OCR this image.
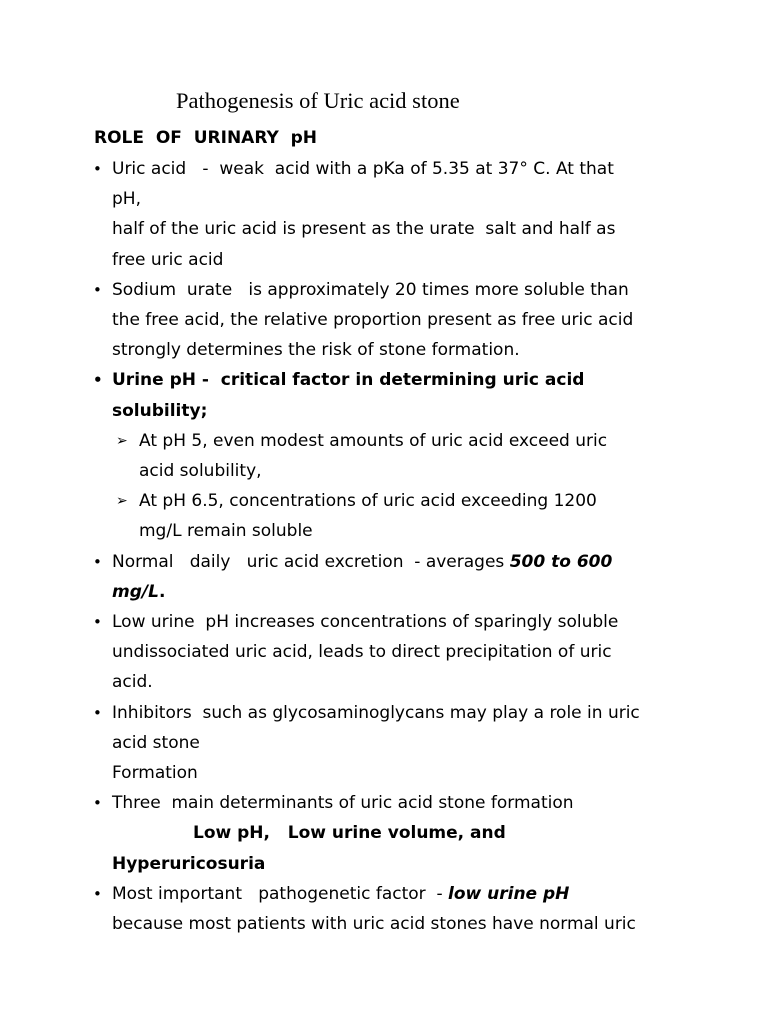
Pathogenesis of Uric acid stone
ROLE  OF  URINARY  pH
• Uric acid   -  weak  acid with a pKa of 5.35 at 37° C. At that
pH,
half of the uric acid is present as the urate  salt and half as
free uric acid
• Sodium  urate   is approximately 20 times more soluble than
the free acid, the relative proportion present as free uric acid
strongly determines the risk of stone formation.
• Urine pH -  critical factor in determining uric acid
solubility;
➢ At pH 5, even modest amounts of uric acid exceed uric
acid solubility,
➢ At pH 6.5, concentrations of uric acid exceeding 1200
mg/L remain soluble
• Normal   daily   uric acid excretion  - averages 500 to 600
mg/L.
• Low urine  pH increases concentrations of sparingly soluble
undissociated uric acid, leads to direct precipitation of uric
acid.
• Inhibitors  such as glycosaminoglycans may play a role in uric
acid stone
Formation
• Three  main determinants of uric acid stone formation
Low pH,   Low urine volume, and
Hyperuricosuria
• Most important   pathogenetic factor  - low urine pH
because most patients with uric acid stones have normal uric
